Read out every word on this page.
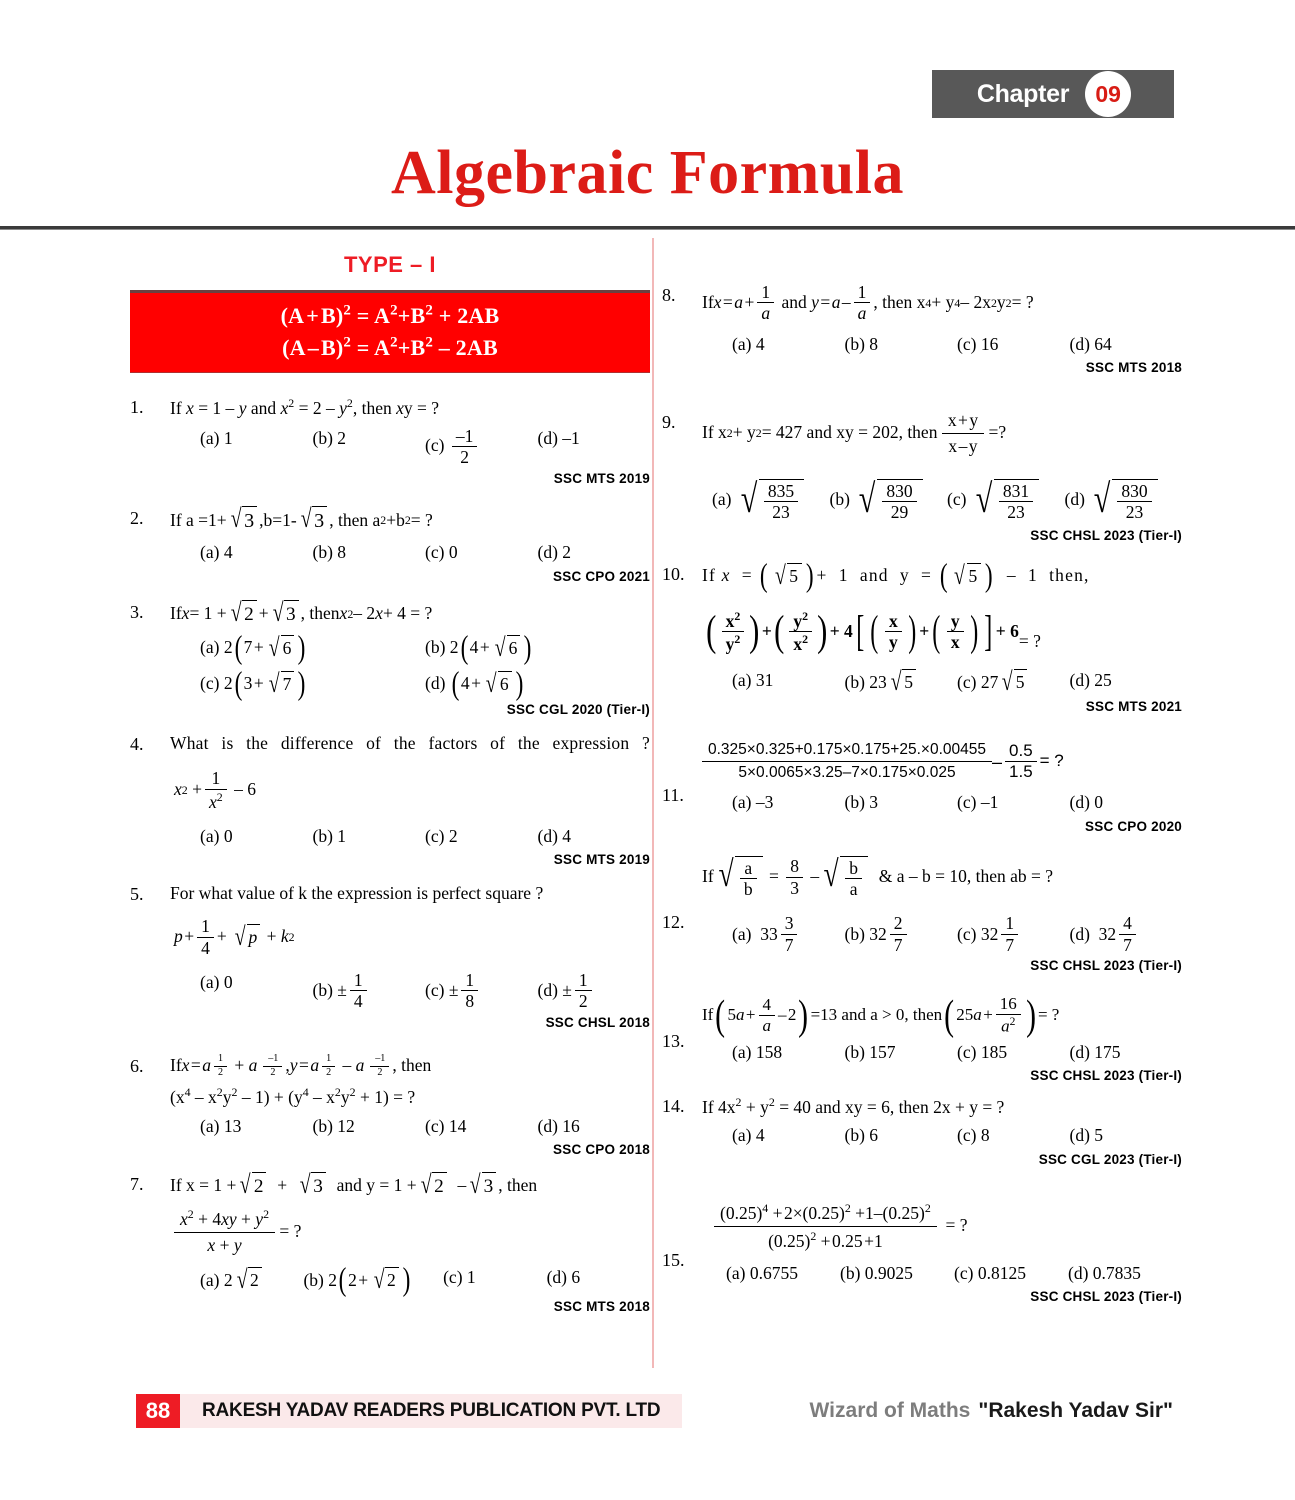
Chapter 09
Algebraic Formula
TYPE – I
$(A+B)^2 = A^2+B^2 + 2AB$
$(A-B)^2 = A^2+B^2 - 2AB$
1.	If x = 1 – y and $x^2 = 2 - y^2$, then xy = ?
(a) 1	(b) 2	$(c) \frac{-1}{2}$	(d) –1
SSC MTS 2019
2.	If a =1+ √ 3 ,b=1- √ 3 , then a 2 +b 2 = ?
(a) 4	(b) 8	(c) 0	(d) 2
SSC CPO 2021
3.	If x = 1 + √ 2 + √ 3 , then x 2 – 2 x + 4 = ?
(a) 2 ( 7 +  √ 6 )	(b) 2 ( 4 +  √ 6 )
(c) 2 ( 3 +  √ 7 )	(d)
( 4 +  √ 6 )
SSC CGL 2020 (Tier-I)
4.	What is the difference of the factors of the expression ?
x $2 + \frac{1}{x^2} - 6$
(a) 0	(b) 1	(c) 2	(d) 4
SSC MTS 2019
5.	For what value of k the expression is perfect square ?
p  + $\frac{1}{4}$ + √ p + k 2
(a) 0	$(b) \pm \frac{1}{4}$	$(c) \pm \frac{1}{8}$	$(d) \pm \frac{1}{2}$
SSC CHSL 2018
6.	If x  =  a $\frac{1}{2} + a$
 $\frac{-1}{2}$ , y  =  a $\frac{1}{2}$ – a
 $\frac{-1}{2}$ , then
$(x^4 - x^2y^2 - 1) + (y^4 - x^2y^2 + 1)$ = ?
(a) 13	(b) 12	(c) 14	(d) 16
SSC CPO 2018
7.	If x = 1 + √ 2 + √ 3 and y = 1 + √ 2 – √ 3 , then
$\frac{x^2 + 4xy + y^2}{x + y}$ = ?
(a) 2 √ 2	(b) 2 ( 2 +  √ 2 ) (c) 1	(d) 6
SSC MTS 2018
8.	If x  =  a  + $\frac{1}{a}$ and y  =  a  – $\frac{1}{a}$ , then x 4 + y 4 – 2x 2 y 2 = ?
(a) 4	(b) 8	(c) 16	(d) 64
SSC MTS 2018
9.
If x 2 + y 2 = 427 and xy = 202, then $\frac{x + y}{x - y}$ =?
(a)
√ $\frac{835}{23} (b)$
√ $\frac{830}{29} (c)$
√ $\frac{831}{23} (d)$
√ $\frac{830}{23}$
SSC CHSL 2023 (Tier-I)
10.	If x = ( √ 5 ) +  1  and  y  = ( √ 5 ) –  1  then,
( $\frac{x^2}{y^2}$ ) + ( $\frac{y^2}{x^2}$ ) + 4 [ ( $\frac{x}{y}$ ) + ( $\frac{y}{x}$ ) ] + 6 = ?
(a) 31	(b) 23 √ 5	(c) 27 √ 5	(d) 25
SSC MTS 2021
11.
$\frac{0.325\times 0.325+0.175\times 0.175+25.\times 0.00455}{5\times 0.0065\times 3.25-7\times 0.175\times 0.025} - \frac{0.5}{1.5}$ = ?
(a) –3	(b) 3	(c) –1	(d) 0
SSC CPO 2020
12.
If √ $\frac{a}{b} = \frac{8}{3}$ – √ $\frac{b}{a}$ & a – b = 10, then ab = ?
(a)
$33 \frac{3}{7}$	(b)
$32 \frac{2}{7}$	(c)
$32 \frac{1}{7}$	(d)
$32 \frac{4}{7}$
SSC CHSL 2023 (Tier-I)
13.
If ( 5 a  + $\frac{4}{a}$ – 2 ) =13 and a > 0, then ( 25 a  + $\frac{16}{a^2}$ ) = ?
(a) 158	(b) 157	(c) 185	(d) 175
SSC CHSL 2023 (Tier-I)
14.	If $4x^2 + y^2 = 40$ and xy = 6, then 2x + y = ?
(a) 4	(b) 6	(c) 8	(d) 5
SSC CGL 2023 (Tier-I)
15.
$\frac{(0.25)^4 + 2\times(0.25)^2 +1-(0.25)^2}{(0.25)^2 + 0.25 +1}$ = ?
(a) 0.6755	(b) 0.9025	(c) 0.8125	(d) 0.7835
SSC CHSL 2023 (Tier-I)
88	RAKESH YADAV READERS PUBLICATION PVT. LTD	Wizard of Maths "Rakesh Yadav Sir"
